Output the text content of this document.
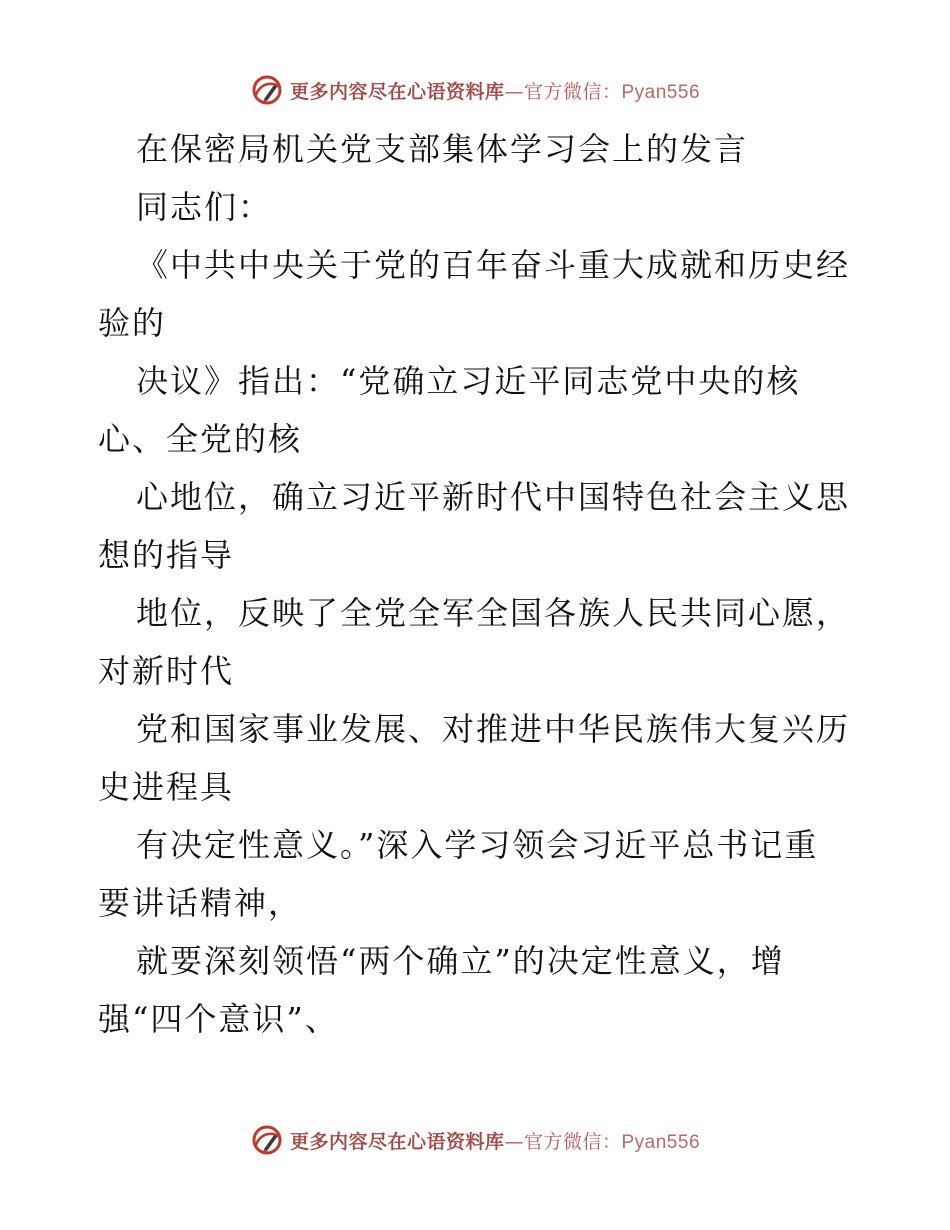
更多内容尽在心语资料库—官方微信：Pyan556
在保密局机关党支部集体学习会上的发言
同志们：
《中共中央关于党的百年奋斗重大成就和历史经
验的
决议》指出：“党确立习近平同志党中央的核
心、全党的核
心地位，确立习近平新时代中国特色社会主义思
想的指导
地位，反映了全党全军全国各族人民共同心愿，
对新时代
党和国家事业发展、对推进中华民族伟大复兴历
史进程具
有决定性意义。”深入学习领会习近平总书记重
要讲话精神，
就要深刻领悟“两个确立”的决定性意义，增
强“四个意识”、
更多内容尽在心语资料库—官方微信：Pyan556
